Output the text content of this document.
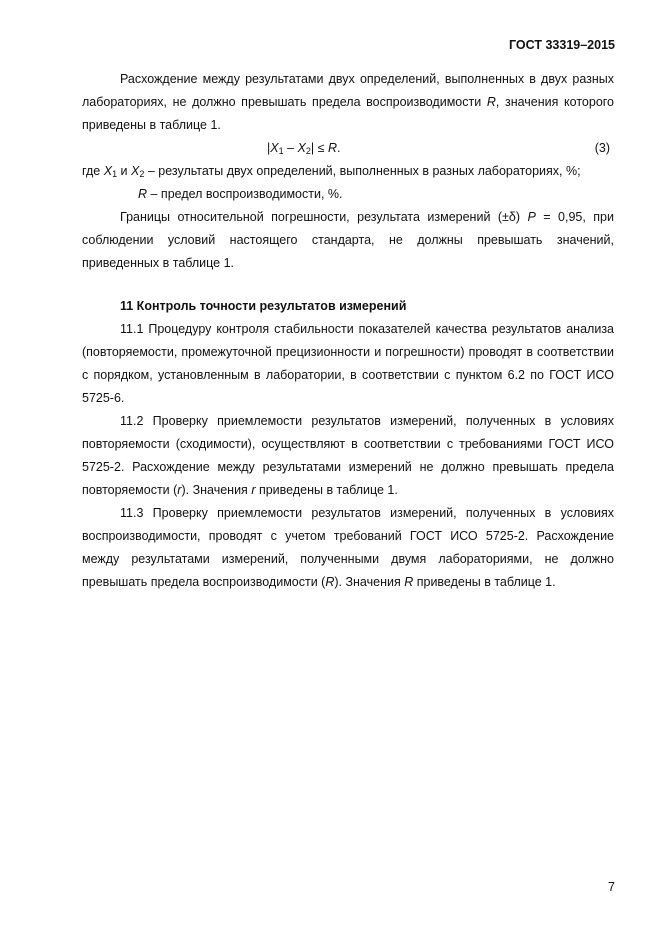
ГОСТ 33319–2015

Расхождение между результатами двух определений, выполненных в двух разных лабораториях, не должно превышать предела воспроизводимости R, значения которого приведены в таблице 1.

$|X_1 - X_2| \le R$.	(3)

где $X_1$ и $X_2$ – результаты двух определений, выполненных в разных лабораториях, %;

R – предел воспроизводимости, %.

Границы относительной погрешности, результата измерений (±δ) P = 0,95, при соблюдении условий настоящего стандарта, не должны превышать значений, приведенных в таблице 1.

11 Контроль точности результатов измерений

11.1 Процедуру контроля стабильности показателей качества результатов анализа (повторяемости, промежуточной прецизионности и погрешности) проводят в соответствии с порядком, установленным в лаборатории, в соответствии с пунктом 6.2 по ГОСТ ИСО 5725-6.

11.2 Проверку приемлемости результатов измерений, полученных в условиях повторяемости (сходимости), осуществляют в соответствии с требованиями ГОСТ ИСО 5725-2. Расхождение между результатами измерений не должно превышать предела повторяемости (r). Значения r приведены в таблице 1.

11.3 Проверку приемлемости результатов измерений, полученных в условиях воспроизводимости, проводят с учетом требований ГОСТ ИСО 5725-2. Расхождение между результатами измерений, полученными двумя лабораториями, не должно превышать предела воспроизводимости (R). Значения R приведены в таблице 1.

7
